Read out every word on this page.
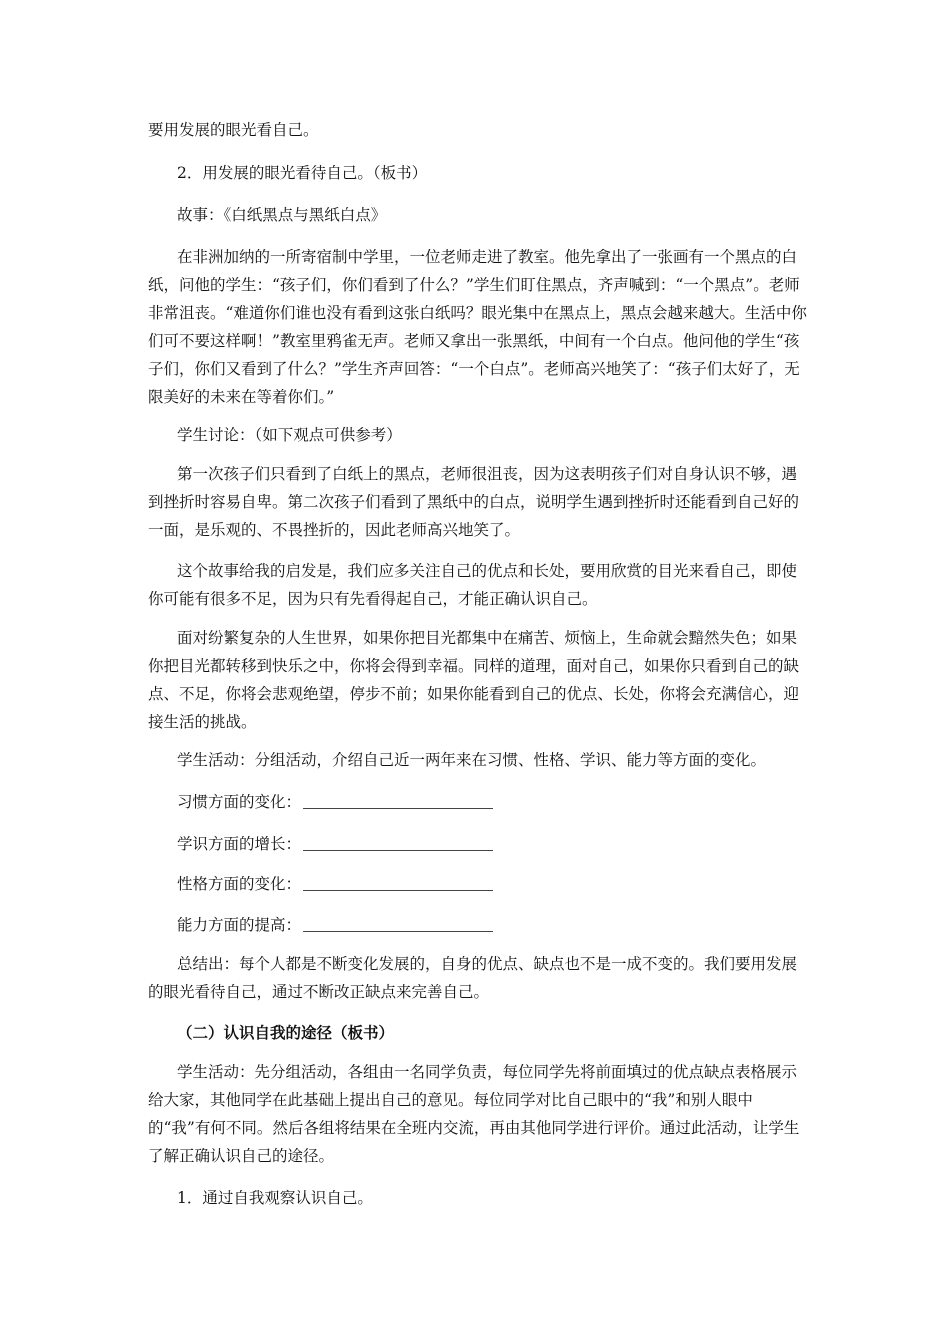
要用发展的眼光看自己。
2．用发展的眼光看待自己。（板书）
故事：《白纸黑点与黑纸白点》
在非洲加纳的一所寄宿制中学里，一位老师走进了教室。他先拿出了一张画有一个黑点的白纸，问他的学生：“孩子们，你们看到了什么？”学生们盯住黑点，齐声喊到：“一个黑点”。老师非常沮丧。“难道你们谁也没有看到这张白纸吗？眼光集中在黑点上，黑点会越来越大。生活中你们可不要这样啊！”教室里鸦雀无声。老师又拿出一张黑纸，中间有一个白点。他问他的学生“孩子们，你们又看到了什么？”学生齐声回答：“一个白点”。老师高兴地笑了：“孩子们太好了，无限美好的未来在等着你们。”
学生讨论：（如下观点可供参考）
第一次孩子们只看到了白纸上的黑点，老师很沮丧，因为这表明孩子们对自身认识不够，遇到挫折时容易自卑。第二次孩子们看到了黑纸中的白点，说明学生遇到挫折时还能看到自己好的一面，是乐观的、不畏挫折的，因此老师高兴地笑了。
这个故事给我的启发是，我们应多关注自己的优点和长处，要用欣赏的目光来看自己，即使你可能有很多不足，因为只有先看得起自己，才能正确认识自己。
面对纷繁复杂的人生世界，如果你把目光都集中在痛苦、烦恼上，生命就会黯然失色；如果你把目光都转移到快乐之中，你将会得到幸福。同样的道理，面对自己，如果你只看到自己的缺点、不足，你将会悲观绝望，停步不前；如果你能看到自己的优点、长处，你将会充满信心，迎接生活的挑战。
学生活动：分组活动，介绍自己近一两年来在习惯、性格、学识、能力等方面的变化。
习惯方面的变化：
学识方面的增长：
性格方面的变化：
能力方面的提高：
总结出：每个人都是不断变化发展的，自身的优点、缺点也不是一成不变的。我们要用发展的眼光看待自己，通过不断改正缺点来完善自己。
（二）认识自我的途径（板书）
学生活动：先分组活动，各组由一名同学负责，每位同学先将前面填过的优点缺点表格展示给大家，其他同学在此基础上提出自己的意见。每位同学对比自己眼中的“我”和别人眼中的“我”有何不同。然后各组将结果在全班内交流，再由其他同学进行评价。通过此活动，让学生了解正确认识自己的途径。
1．通过自我观察认识自己。
